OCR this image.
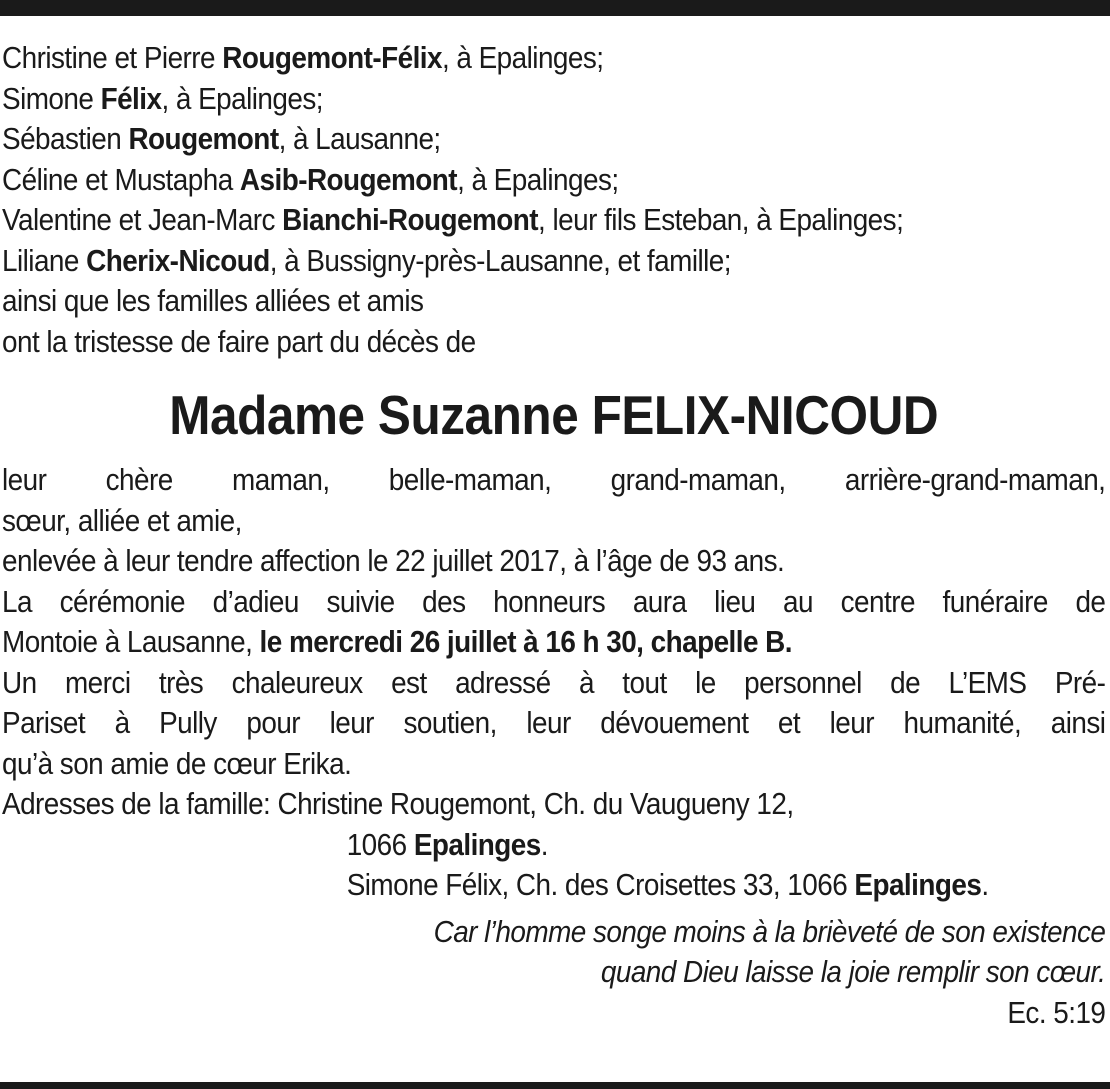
Christine et Pierre Rougemont-Félix, à Epalinges;
Simone Félix, à Epalinges;
Sébastien Rougemont, à Lausanne;
Céline et Mustapha Asib-Rougemont, à Epalinges;
Valentine et Jean-Marc Bianchi-Rougemont, leur fils Esteban, à Epalinges;
Liliane Cherix-Nicoud, à Bussigny-près-Lausanne, et famille;
ainsi que les familles alliées et amis
ont la tristesse de faire part du décès de
Madame Suzanne FELIX-NICOUD
leur chère maman, belle-maman, grand-maman, arrière-grand-maman,
sœur, alliée et amie,
enlevée à leur tendre affection le 22 juillet 2017, à l’âge de 93 ans.
La cérémonie d’adieu suivie des honneurs aura lieu au centre funéraire de
Montoie à Lausanne, le mercredi 26 juillet à 16 h 30, chapelle B.
Un merci très chaleureux est adressé à tout le personnel de L’EMS Pré-
Pariset à Pully pour leur soutien, leur dévouement et leur humanité, ainsi
qu’à son amie de cœur Erika.
Adresses de la famille: Christine Rougemont, Ch. du Vaugueny 12,
1066 Epalinges.
Simone Félix, Ch. des Croisettes 33, 1066 Epalinges.
Car l’homme songe moins à la brièveté de son existence
quand Dieu laisse la joie remplir son cœur.
Ec. 5:19
